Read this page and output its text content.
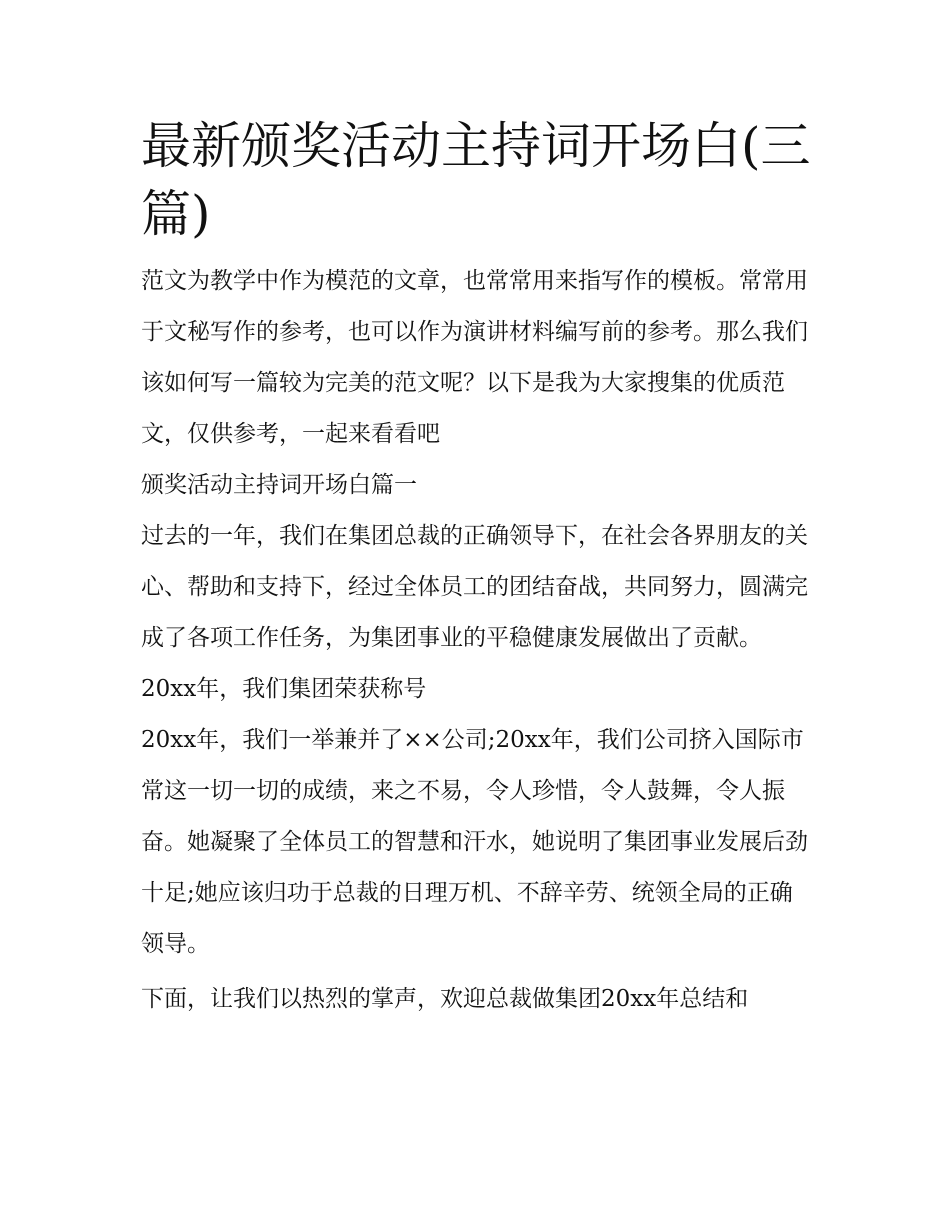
最新颁奖活动主持词开场白(三篇)

范文为教学中作为模范的文章，也常常用来指写作的模板。常常用于文秘写作的参考，也可以作为演讲材料编写前的参考。那么我们该如何写一篇较为完美的范文呢？以下是我为大家搜集的优质范文，仅供参考，一起来看看吧

颁奖活动主持词开场白篇一

过去的一年，我们在集团总裁的正确领导下，在社会各界朋友的关心、帮助和支持下，经过全体员工的团结奋战，共同努力，圆满完成了各项工作任务，为集团事业的平稳健康发展做出了贡献。

20xx年，我们集团荣获称号

20xx年，我们一举兼并了××公司;20xx年，我们公司挤入国际市常这一切一切的成绩，来之不易，令人珍惜，令人鼓舞，令人振奋。她凝聚了全体员工的智慧和汗水，她说明了集团事业发展后劲十足;她应该归功于总裁的日理万机、不辞辛劳、统领全局的正确领导。

下面，让我们以热烈的掌声，欢迎总裁做集团20xx年总结和
